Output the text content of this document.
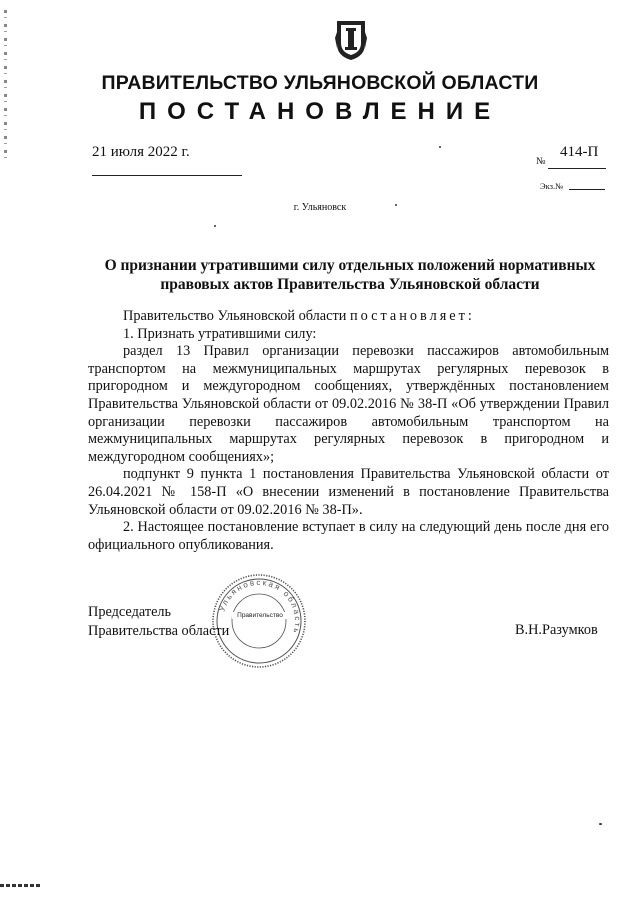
ПРАВИТЕЛЬСТВО УЛЬЯНОВСКОЙ ОБЛАСТИ
ПОСТАНОВЛЕНИЕ
21 июля 2022 г.	414-П
№
Экз.№
г. Ульяновск
О признании утратившими силу отдельных положений нормативных правовых актов Правительства Ульяновской области

Правительство Ульяновской области постановляет:

1. Признать утратившими силу:

раздел 13 Правил организации перевозки пассажиров автомобильным транспортом на межмуниципальных маршрутах регулярных перевозок в пригородном и междугородном сообщениях, утверждённых постановлением Правительства Ульяновской области от 09.02.2016 № 38-П «Об утверждении Правил организации перевозки пассажиров автомобильным транспортом на межмуниципальных маршрутах регулярных перевозок в пригородном и междугородном сообщениях»;

подпункт 9 пункта 1 постановления Правительства Ульяновской области от 26.04.2021 № 158-П «О внесении изменений в постановление Правительства Ульяновской области от 09.02.2016 № 38-П».

2. Настоящее постановление вступает в силу на следующий день после дня его официального опубликования.

Ульяновская область
Правительство
Председатель
Правительства области	В.Н.Разумков
